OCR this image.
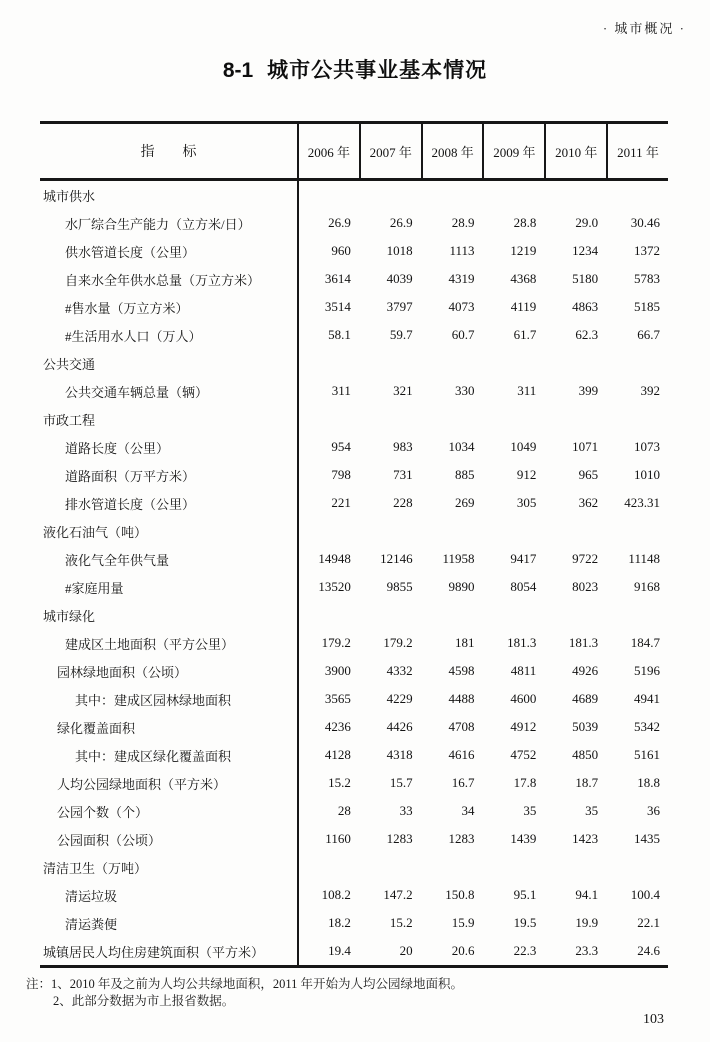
· 城市概况 ·
8-1 城市公共事业基本情况
指　　标	2006 年	2007 年	2008 年	2009 年	2010 年	2011 年
城市供水
水厂综合生产能力（立方米/日）	26.9	26.9	28.9	28.8	29.0	30.46
供水管道长度（公里）	960	1018	1113	1219	1234	1372
自来水全年供水总量（万立方米）	3614	4039	4319	4368	5180	5783
#售水量（万立方米）	3514	3797	4073	4119	4863	5185
#生活用水人口（万人）	58.1	59.7	60.7	61.7	62.3	66.7
公共交通
公共交通车辆总量（辆）	311	321	330	311	399	392
市政工程
道路长度（公里）	954	983	1034	1049	1071	1073
道路面积（万平方米）	798	731	885	912	965	1010
排水管道长度（公里）	221	228	269	305	362	423.31
液化石油气（吨）
液化气全年供气量	14948	12146	11958	9417	9722	11148
#家庭用量	13520	9855	9890	8054	8023	9168
城市绿化
建成区土地面积（平方公里）	179.2	179.2	181	181.3	181.3	184.7
园林绿地面积（公顷）	3900	4332	4598	4811	4926	5196
其中：建成区园林绿地面积	3565	4229	4488	4600	4689	4941
绿化覆盖面积	4236	4426	4708	4912	5039	5342
其中：建成区绿化覆盖面积	4128	4318	4616	4752	4850	5161
人均公园绿地面积（平方米）	15.2	15.7	16.7	17.8	18.7	18.8
公园个数（个）	28	33	34	35	35	36
公园面积（公顷）	1160	1283	1283	1439	1423	1435
清洁卫生（万吨）
清运垃圾	108.2	147.2	150.8	95.1	94.1	100.4
清运粪便	18.2	15.2	15.9	19.5	19.9	22.1
城镇居民人均住房建筑面积（平方米）	19.4	20	20.6	22.3	23.3	24.6
注：1、2010 年及之前为人均公共绿地面积，2011 年开始为人均公园绿地面积。
2、此部分数据为市上报省数据。
103
